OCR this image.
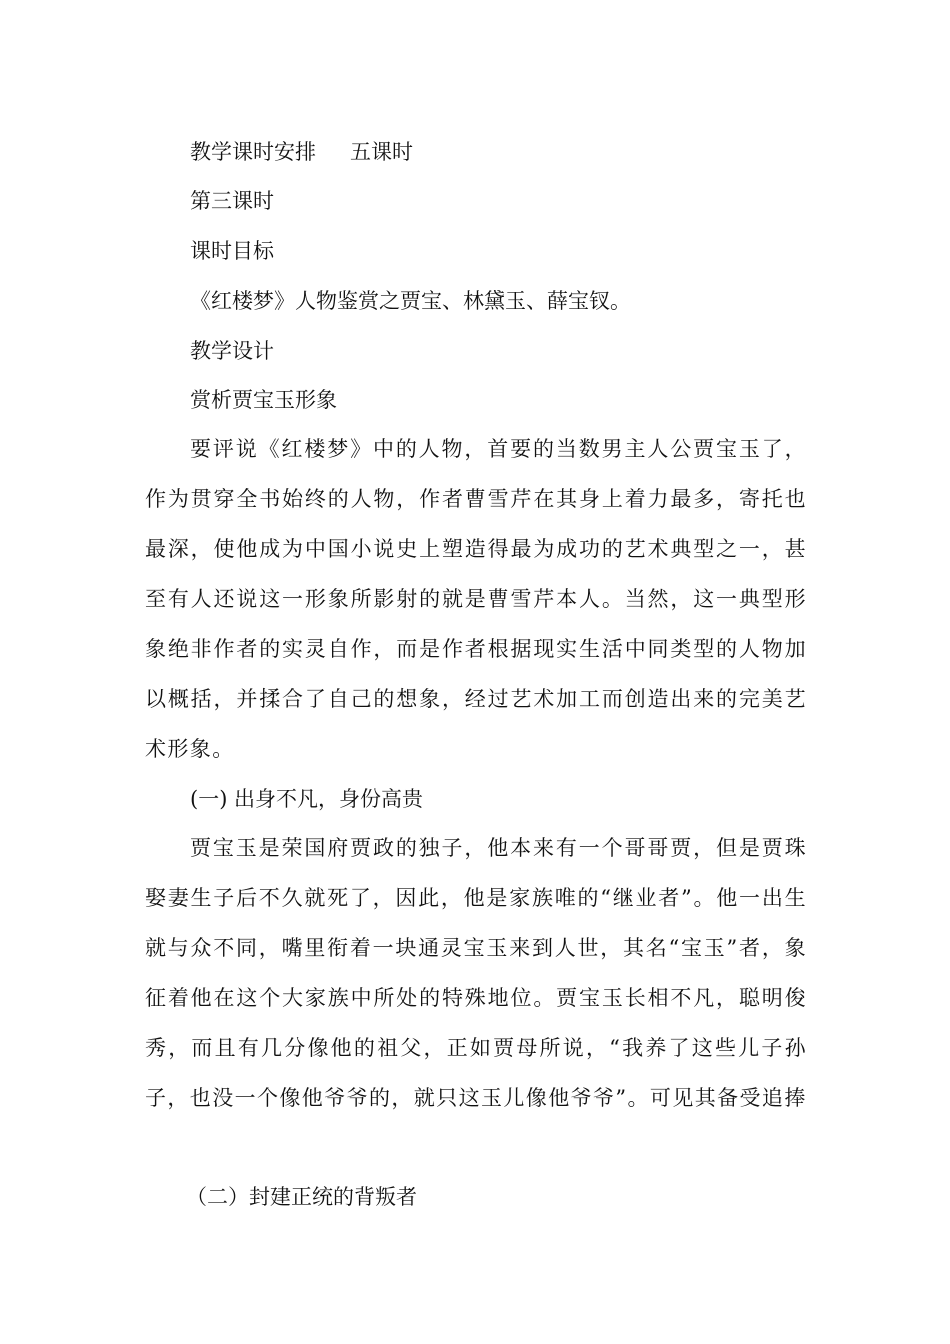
教学课时安排 五课时
第三课时
课时目标
《红楼梦》人物鉴赏之贾宝、林黛玉、薛宝钗。
教学设计
赏析贾宝玉形象
要评说《红楼梦》中的人物，首要的当数男主人公贾宝玉了，作为贯穿全书始终的人物，作者曹雪芹在其身上着力最多，寄托也最深，使他成为中国小说史上塑造得最为成功的艺术典型之一，甚至有人还说这一形象所影射的就是曹雪芹本人。当然，这一典型形象绝非作者的实灵自作，而是作者根据现实生活中同类型的人物加以概括，并揉合了自己的想象，经过艺术加工而创造出来的完美艺术形象。
(一) 出身不凡，身份高贵
贾宝玉是荣国府贾政的独子，他本来有一个哥哥贾，但是贾珠娶妻生子后不久就死了，因此，他是家族唯的“继业者”。他一出生就与众不同，嘴里衔着一块通灵宝玉来到人世，其名“宝玉”者，象征着他在这个大家族中所处的特殊地位。贾宝玉长相不凡，聪明俊秀，而且有几分像他的祖父，正如贾母所说，“我养了这些儿子孙子，也没一个像他爷爷的，就只这玉儿像他爷爷”。可见其备受追捧
（二）封建正统的背叛者
